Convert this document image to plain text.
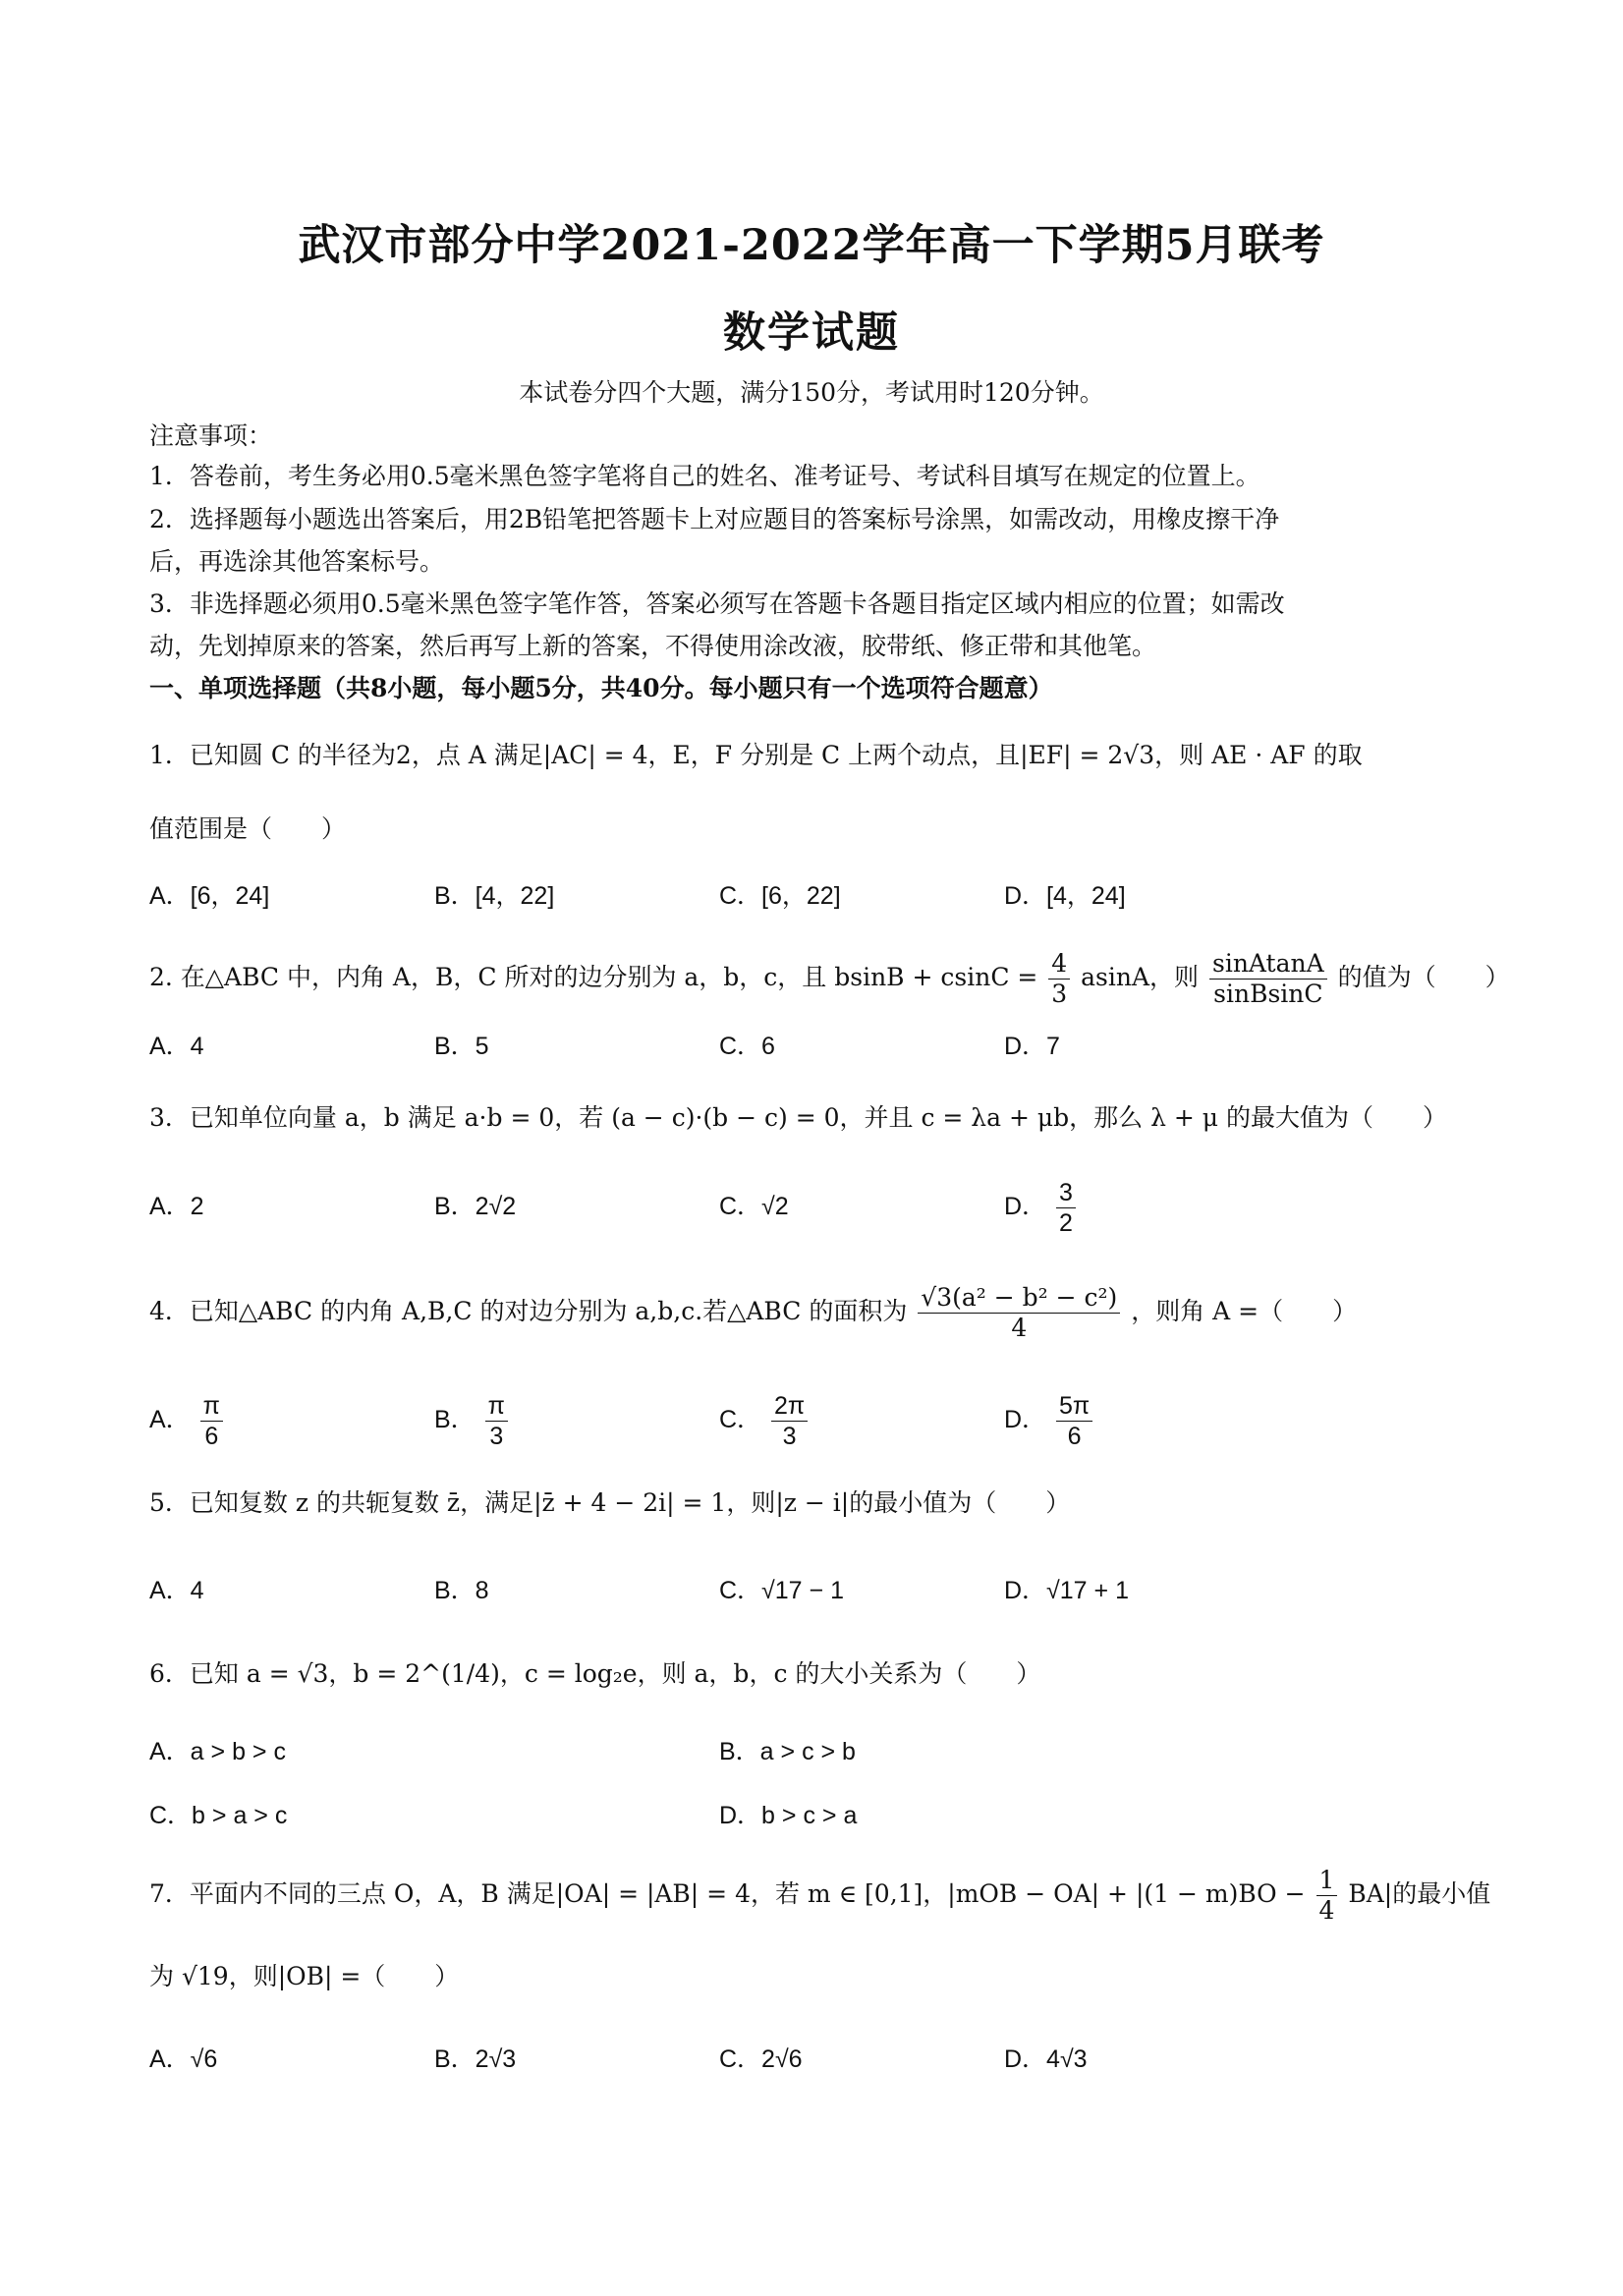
武汉市部分中学2021-2022学年高一下学期5月联考
数学试题
本试卷分四个大题，满分150分，考试用时120分钟。
注意事项：
1．答卷前，考生务必用0.5毫米黑色签字笔将自己的姓名、准考证号、考试科目填写在规定的位置上。
2．选择题每小题选出答案后，用2B铅笔把答题卡上对应题目的答案标号涂黑，如需改动，用橡皮擦干净
后，再选涂其他答案标号。
3．非选择题必须用0.5毫米黑色签字笔作答，答案必须写在答题卡各题目指定区域内相应的位置；如需改
动，先划掉原来的答案，然后再写上新的答案，不得使用涂改液，胶带纸、修正带和其他笔。
一、单项选择题（共8小题，每小题5分，共40分。每小题只有一个选项符合题意）
1．已知圆 C 的半径为2，点 A 满足|AC| = 4，E，F 分别是 C 上两个动点，且|EF| = 2√3，则 AE · AF 的取
值范围是（　　）
A．[6，24]	B．[4，22]	C．[6，22]	D．[4，24]
2. 在△ABC 中，内角 A，B，C 所对的边分别为 a，b，c，且 $bsinB + csinC = \frac{4}{3}$ asinA，则 $\frac{\text{sinAtanA}}{\text{sinBsinC}}$ 的值为（　　）
A．4	B．5	C．6	D．7
3．已知单位向量 a，b 满足 a·b = 0，若 (a − c)·(b − c) = 0，并且 c = λa + μb，那么 λ + μ 的最大值为（　　）
A．2	B．2√2	C．√2	D． $\frac{3}{2}$
4．已知△ABC 的内角 A,B,C 的对边分别为 a,b,c.若△ABC 的面积为 $\frac{\text{√3(a² − b² − c²)}}{4}$ ，则角 A =（　　）
A． $\frac{\pi}{6}$	B． $\frac{\pi}{3}$	C． $\frac{2\pi}{3}$	D． $\frac{5\pi}{6}$
5．已知复数 z 的共轭复数 z̄，满足|z̄ + 4 − 2i| = 1，则|z − i|的最小值为（　　）
A．4	B．8	C．√17 − 1	D．√17 + 1
6．已知 a = √3，b = 2^(1/4)，c = log₂e，则 a，b，c 的大小关系为（　　）
A．a > b > c	B．a > c > b
C．b > a > c	D．b > c > a
7．平面内不同的三点 O，A，B 满足|OA| = |AB| = 4，若 m ∈ [0,1]，$|mOB - OA| + |(1 - m)BO - \frac{1}{4} BA|$的最小值
为 √19，则|OB| =（　　）
A．√6	B．2√3	C．2√6	D．4√3
